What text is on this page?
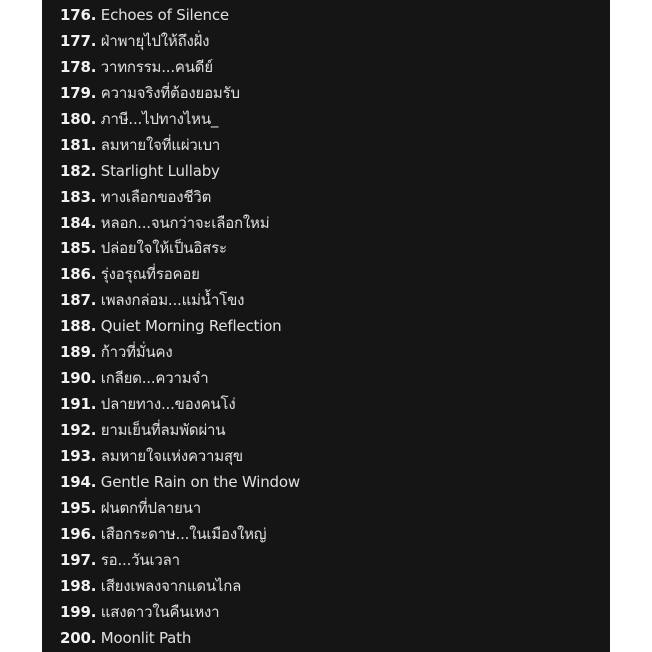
176. Echoes of Silence
177. ฝ่าพายุไปให้ถึงฝั่ง
178. วาทกรรม...คนดีย์
179. ความจริงที่ต้องยอมรับ
180. ภาษี...ไปทางไหน_
181. ลมหายใจที่แผ่วเบา
182. Starlight Lullaby
183. ทางเลือกของชีวิต
184. หลอก...จนกว่าจะเลือกใหม่
185. ปล่อยใจให้เป็นอิสระ
186. รุ่งอรุณที่รอคอย
187. เพลงกล่อม...แม่น้ำโขง
188. Quiet Morning Reflection
189. ก้าวที่มั่นคง
190. เกลียด...ความจำ
191. ปลายทาง...ของคนโง่
192. ยามเย็นที่ลมพัดผ่าน
193. ลมหายใจแห่งความสุข
194. Gentle Rain on the Window
195. ฝนตกที่ปลายนา
196. เสือกระดาษ...ในเมืองใหญ่
197. รอ...วันเวลา
198. เสียงเพลงจากแดนไกล
199. แสงดาวในคืนเหงา
200. Moonlit Path
